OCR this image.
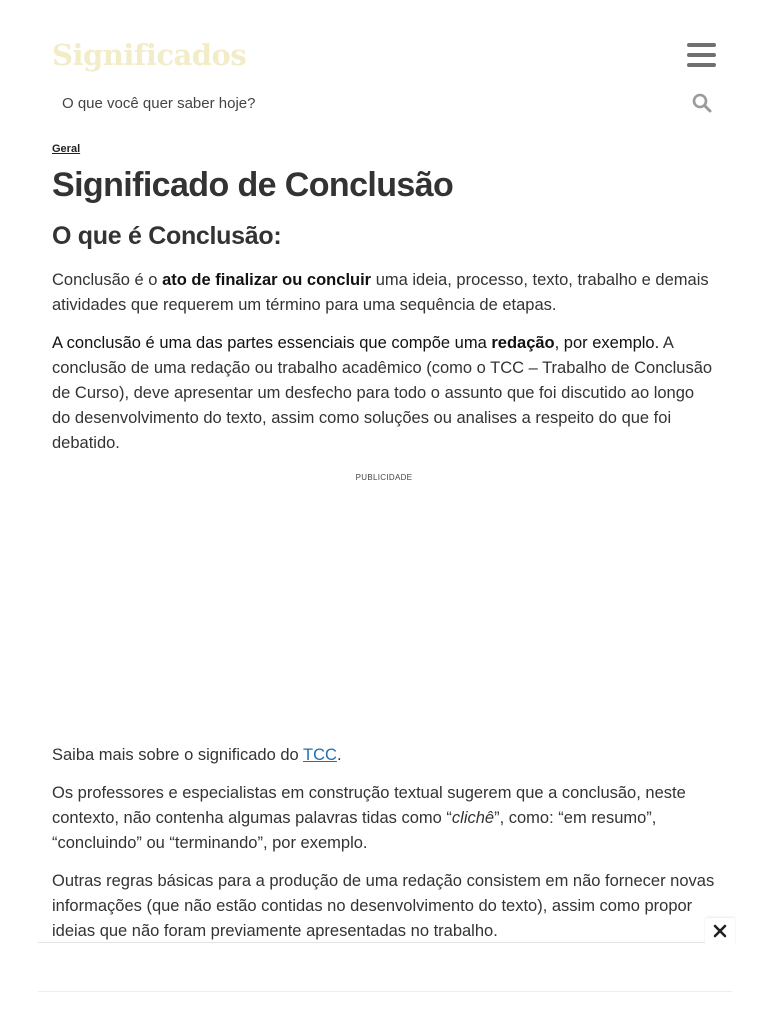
Significados
O que você quer saber hoje?
Geral
Significado de Conclusão
O que é Conclusão:

Conclusão é o ato de finalizar ou concluir uma ideia, processo, texto, trabalho e demais atividades que requerem um término para uma sequência de etapas.

A conclusão é uma das partes essenciais que compõe uma redação, por exemplo. A conclusão de uma redação ou trabalho acadêmico (como o TCC – Trabalho de Conclusão de Curso), deve apresentar um desfecho para todo o assunto que foi discutido ao longo do desenvolvimento do texto, assim como soluções ou analises a respeito do que foi debatido.

PUBLICIDADE

Saiba mais sobre o significado do TCC.

Os professores e especialistas em construção textual sugerem que a conclusão, neste contexto, não contenha algumas palavras tidas como “clichê”, como: “em resumo”, “concluindo” ou “terminando”, por exemplo.

Outras regras básicas para a produção de uma redação consistem em não fornecer novas informações (que não estão contidas no desenvolvimento do texto), assim como propor ideias que não foram previamente apresentadas no trabalho.
